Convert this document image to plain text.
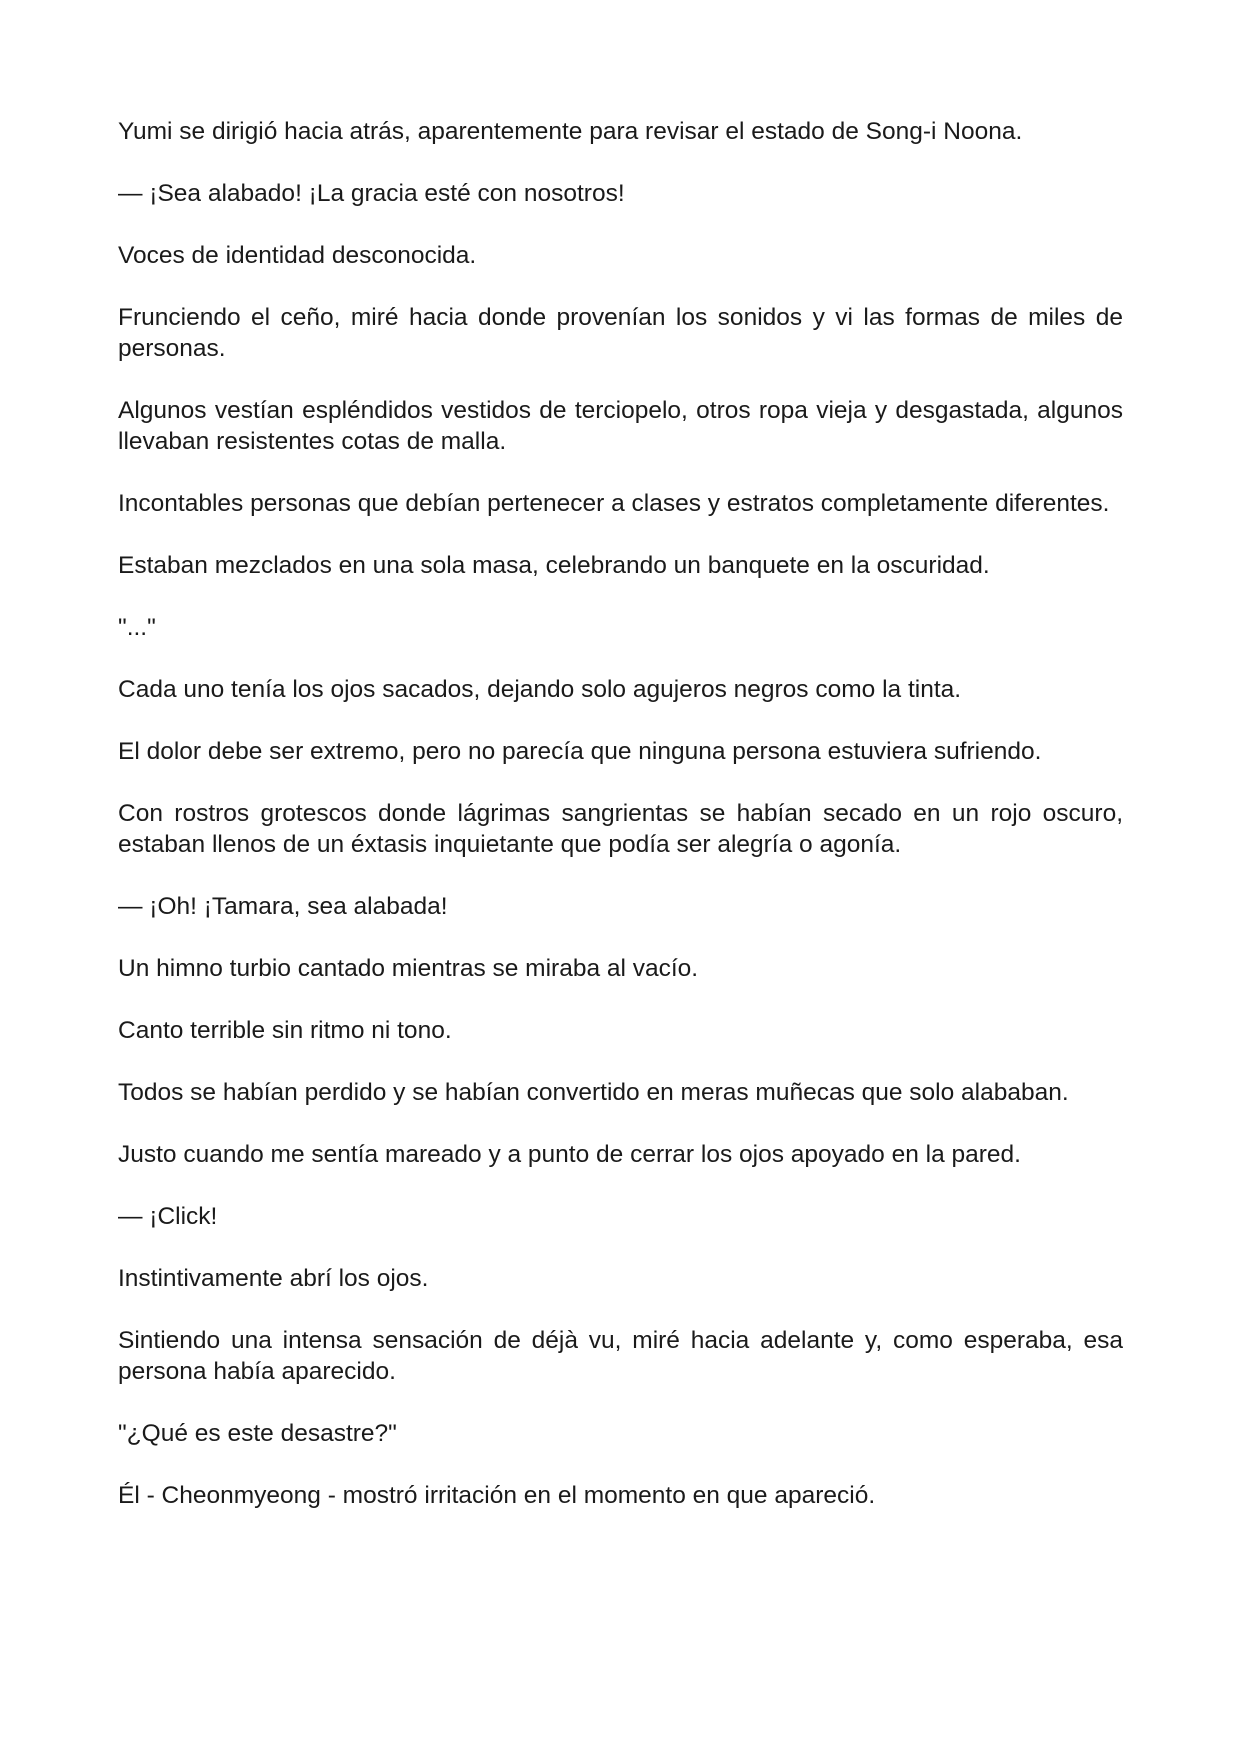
Yumi se dirigió hacia atrás, aparentemente para revisar el estado de Song-i Noona.

— ¡Sea alabado! ¡La gracia esté con nosotros!

Voces de identidad desconocida.

Frunciendo el ceño, miré hacia donde provenían los sonidos y vi las formas de miles de personas.

Algunos vestían espléndidos vestidos de terciopelo, otros ropa vieja y desgastada, algunos llevaban resistentes cotas de malla.

Incontables personas que debían pertenecer a clases y estratos completamente diferentes.

Estaban mezclados en una sola masa, celebrando un banquete en la oscuridad.

"..."

Cada uno tenía los ojos sacados, dejando solo agujeros negros como la tinta.

El dolor debe ser extremo, pero no parecía que ninguna persona estuviera sufriendo.

Con rostros grotescos donde lágrimas sangrientas se habían secado en un rojo oscuro, estaban llenos de un éxtasis inquietante que podía ser alegría o agonía.

— ¡Oh! ¡Tamara, sea alabada!

Un himno turbio cantado mientras se miraba al vacío.

Canto terrible sin ritmo ni tono.

Todos se habían perdido y se habían convertido en meras muñecas que solo alababan.

Justo cuando me sentía mareado y a punto de cerrar los ojos apoyado en la pared.

— ¡Click!

Instintivamente abrí los ojos.

Sintiendo una intensa sensación de déjà vu, miré hacia adelante y, como esperaba, esa persona había aparecido.

"¿Qué es este desastre?"

Él - Cheonmyeong - mostró irritación en el momento en que apareció.
